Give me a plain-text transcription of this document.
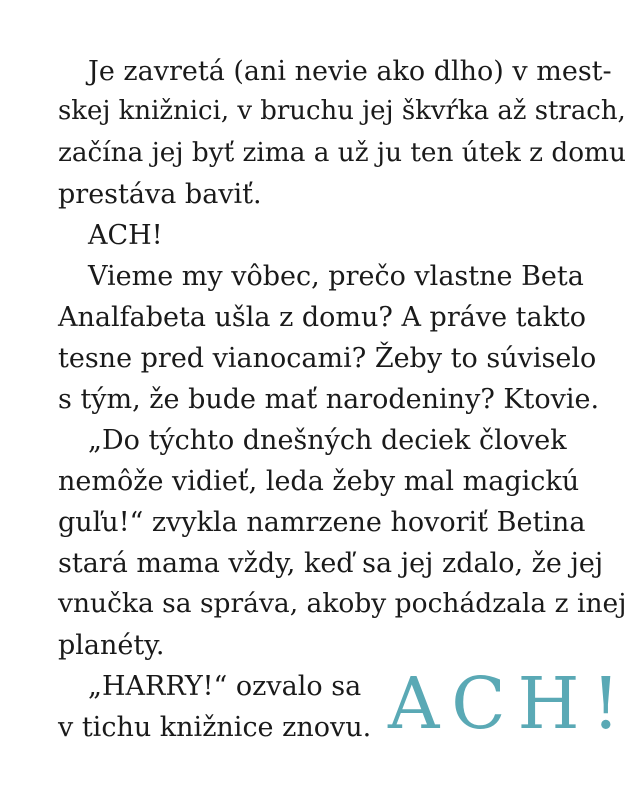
Je zavretá (ani nevie ako dlho) v mest-
skej knižnici, v bruchu jej škvŕka až strach,
začína jej byť zima a už ju ten útek z domu
prestáva baviť.
ACH!
Vieme my vôbec, prečo vlastne Beta
Analfabeta ušla z domu? A práve takto
tesne pred vianocami? Žeby to súviselo
s tým, že bude mať narodeniny? Ktovie.
„Do týchto dnešných deciek človek
nemôže vidieť, leda žeby mal magickú
guľu!“ zvykla namrzene hovoriť Betina
stará mama vždy, keď sa jej zdalo, že jej
vnučka sa správa, akoby pochádzala z inej
planéty.
„HARRY!“ ozvalo sa
v tichu knižnice znovu. ACH!
